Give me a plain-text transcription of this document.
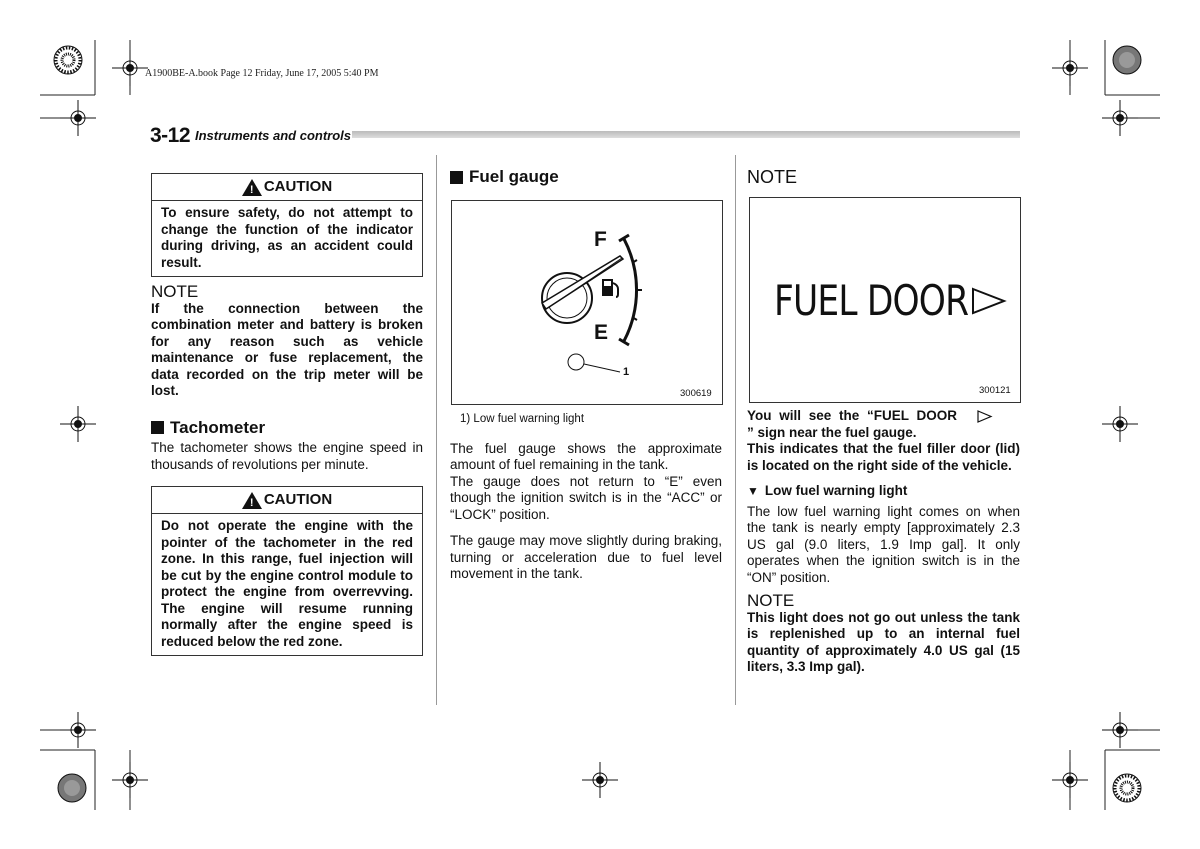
A1900BE-A.book Page 12 Friday, June 17, 2005 5:40 PM
3-12 Instruments and controls
! CAUTION
To ensure safety, do not attempt to change the function of the indicator during driving, as an accident could result.
NOTE
If the connection between the combination meter and battery is broken for any reason such as vehicle maintenance or fuse replacement, the data recorded on the trip meter will be lost.
Tachometer
The tachometer shows the engine speed in thousands of revolutions per minute.
! CAUTION
Do not operate the engine with the pointer of the tachometer in the red zone. In this range, fuel injection will be cut by the engine control module to protect the engine from overrevving. The engine will resume running normally after the engine speed is reduced below the red zone.
Fuel gauge
F
E
1
300619
1) Low fuel warning light
The fuel gauge shows the approximate amount of fuel remaining in the tank.
The gauge does not return to “E” even though the ignition switch is in the “ACC” or “LOCK” position.
The gauge may move slightly during braking, turning or acceleration due to fuel level movement in the tank.
NOTE
FUEL DOOR
300121
You will see the “FUEL DOOR
” sign near the fuel gauge.
This indicates that the fuel filler door (lid) is located on the right side of the vehicle.
▼ Low fuel warning light
The low fuel warning light comes on when the tank is nearly empty [approximately 2.3 US gal (9.0 liters, 1.9 Imp gal]. It only operates when the ignition switch is in the “ON” position.
NOTE
This light does not go out unless the tank is replenished up to an internal fuel quantity of approximately 4.0 US gal (15 liters, 3.3 Imp gal).
